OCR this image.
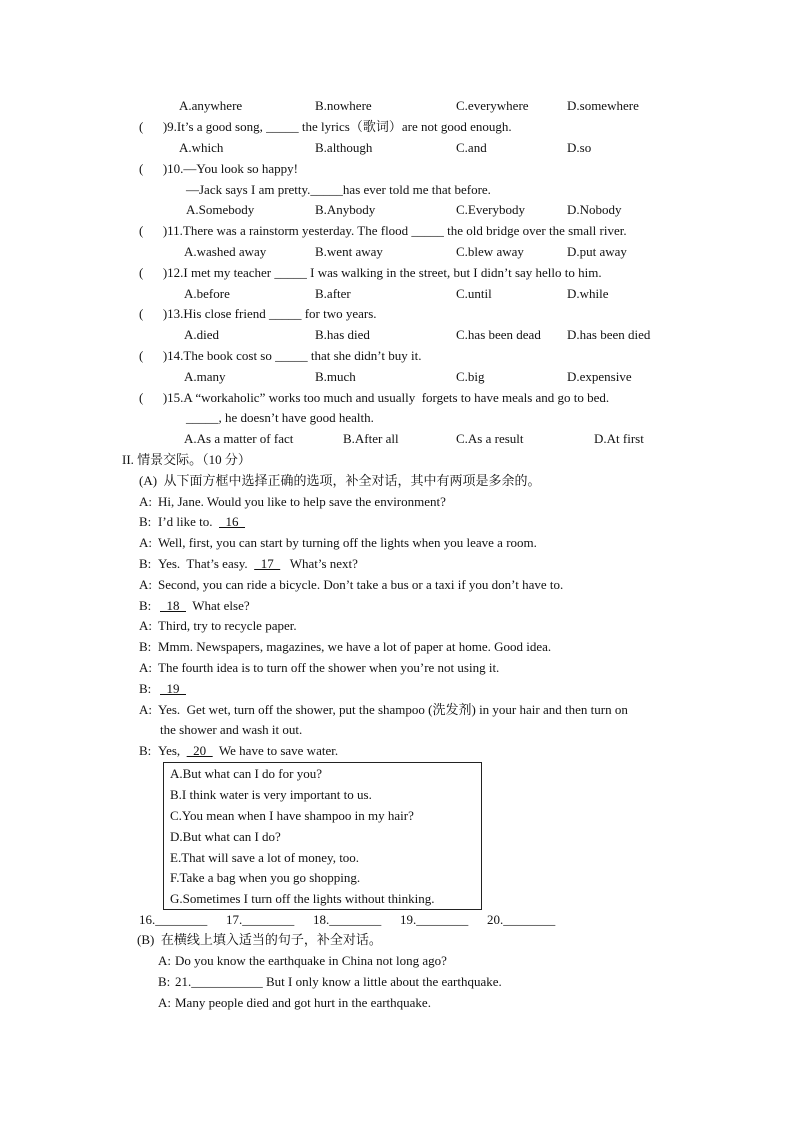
A.anywhere	B.nowhere	C.everywhere	D.somewhere
(      )9.It’s a good song, _____ the lyrics（歌词）are not good enough.
A.which	B.although	C.and	D.so
(      )10.—You look so happy!
—Jack says I am pretty._____has ever told me that before.
A.Somebody	B.Anybody	C.Everybody	D.Nobody
(      )11.There was a rainstorm yesterday. The flood _____ the old bridge over the small river.
A.washed away	B.went away	C.blew away	D.put away
(      )12.I met my teacher _____ I was walking in the street, but I didn’t say hello to him.
A.before	B.after	C.until	D.while
(      )13.His close friend _____ for two years.
A.died	B.has died	C.has been dead D.has been died
(      )14.The book cost so _____ that she didn’t buy it.
A.many	B.much	C.big	D.expensive
(      )15.A “workaholic” works too much and usually  forgets to have meals and go to bed.
_____, he doesn’t have good health.
A.As a matter of fact	B.After all	C.As a result	D.At first
II. 情景交际。（10 分）
(A)  从下面方框中选择正确的选项，补全对话，其中有两项是多余的。
A: Hi, Jane. Would you like to help save the environment?
B: I’d like to.    16
A: Well, first, you can start by turning off the lights when you leave a room.
B: Yes.  That’s easy.    17     What’s next?
A: Second, you can ride a bicycle. Don’t take a bus or a taxi if you don’t have to.
B: 18    What else?
A: Third, try to recycle paper.
B: Mmm. Newspapers, magazines, we have a lot of paper at home. Good idea.
A: The fourth idea is to turn off the shower when you’re not using it.
B: 19
A: Yes.  Get wet, turn off the shower, put the shampoo (洗发剂) in your hair and then turn on
the shower and wash it out.
B: Yes,    20    We have to save water.
A.But what can I do for you?
B.I think water is very important to us.
C.You mean when I have shampoo in my hair?
D.But what can I do?
E.That will save a lot of money, too.
F.Take a bag when you go shopping.
G.Sometimes I turn off the lights without thinking.
16.________ 17.________ 18.________ 19.________ 20.________
(B)  在横线上填入适当的句子，补全对话。
A: Do you know the earthquake in China not long ago?
B: 21.___________ But I only know a little about the earthquake.
A: Many people died and got hurt in the earthquake.
